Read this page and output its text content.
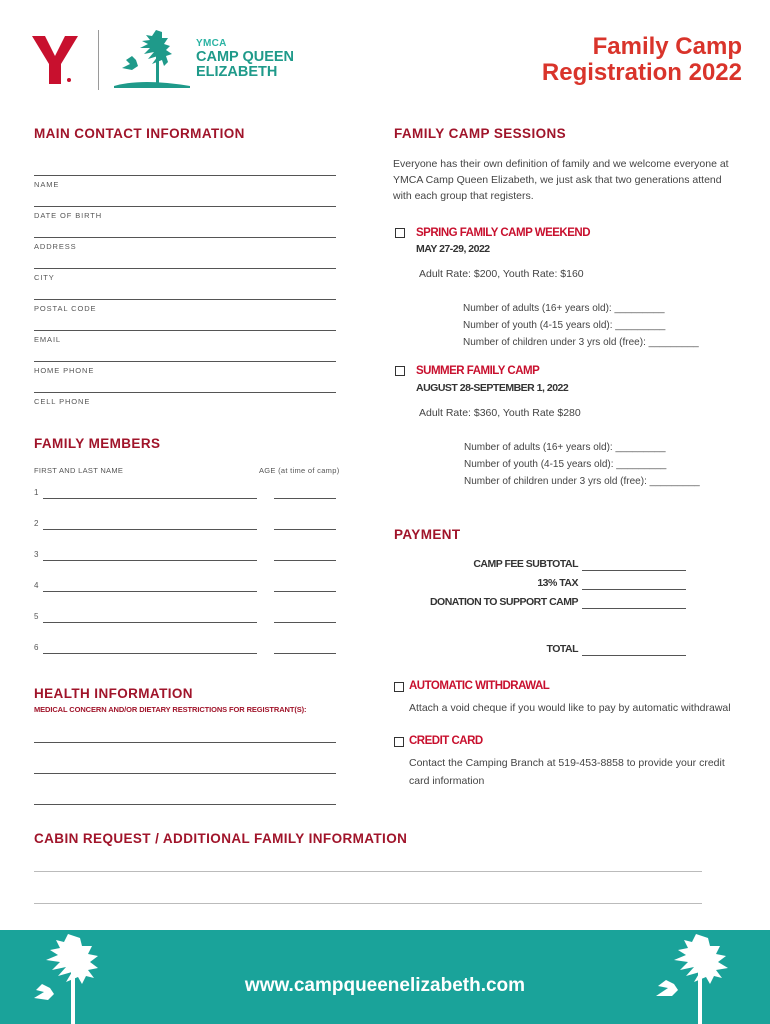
YMCA
CAMP QUEEN
ELIZABETH
Family Camp
Registration 2022
MAIN CONTACT INFORMATION
NAME
DATE OF BIRTH
ADDRESS
CITY
POSTAL CODE
EMAIL
HOME PHONE
CELL PHONE
FAMILY MEMBERS
FIRST AND LAST NAME	AGE (at time of camp)
1
2
3
4
5
6
HEALTH INFORMATION
MEDICAL CONCERN AND/OR DIETARY RESTRICTIONS FOR REGISTRANT(S):
FAMILY CAMP SESSIONS
Everyone has their own definition of family and we welcome everyone at YMCA Camp Queen Elizabeth, we just ask that two generations attend with each group that registers.
SPRING FAMILY CAMP WEEKEND
MAY 27-29, 2022
Adult Rate: $200, Youth Rate: $160
Number of adults (16+ years old): _________
Number of youth (4-15 years old): _________
Number of children under 3 yrs old (free): _________
SUMMER FAMILY CAMP
AUGUST 28-SEPTEMBER 1, 2022
Adult Rate: $360, Youth Rate $280
Number of adults (16+ years old): _________
Number of youth (4-15 years old): _________
Number of children under 3 yrs old (free): _________
PAYMENT
CAMP FEE SUBTOTAL
13% TAX
DONATION TO SUPPORT CAMP
TOTAL
AUTOMATIC WITHDRAWAL
Attach a void cheque if you would like to pay by automatic withdrawal
CREDIT CARD
Contact the Camping Branch at 519-453-8858 to provide your credit
card information
CABIN REQUEST / ADDITIONAL FAMILY INFORMATION
www.campqueenelizabeth.com
